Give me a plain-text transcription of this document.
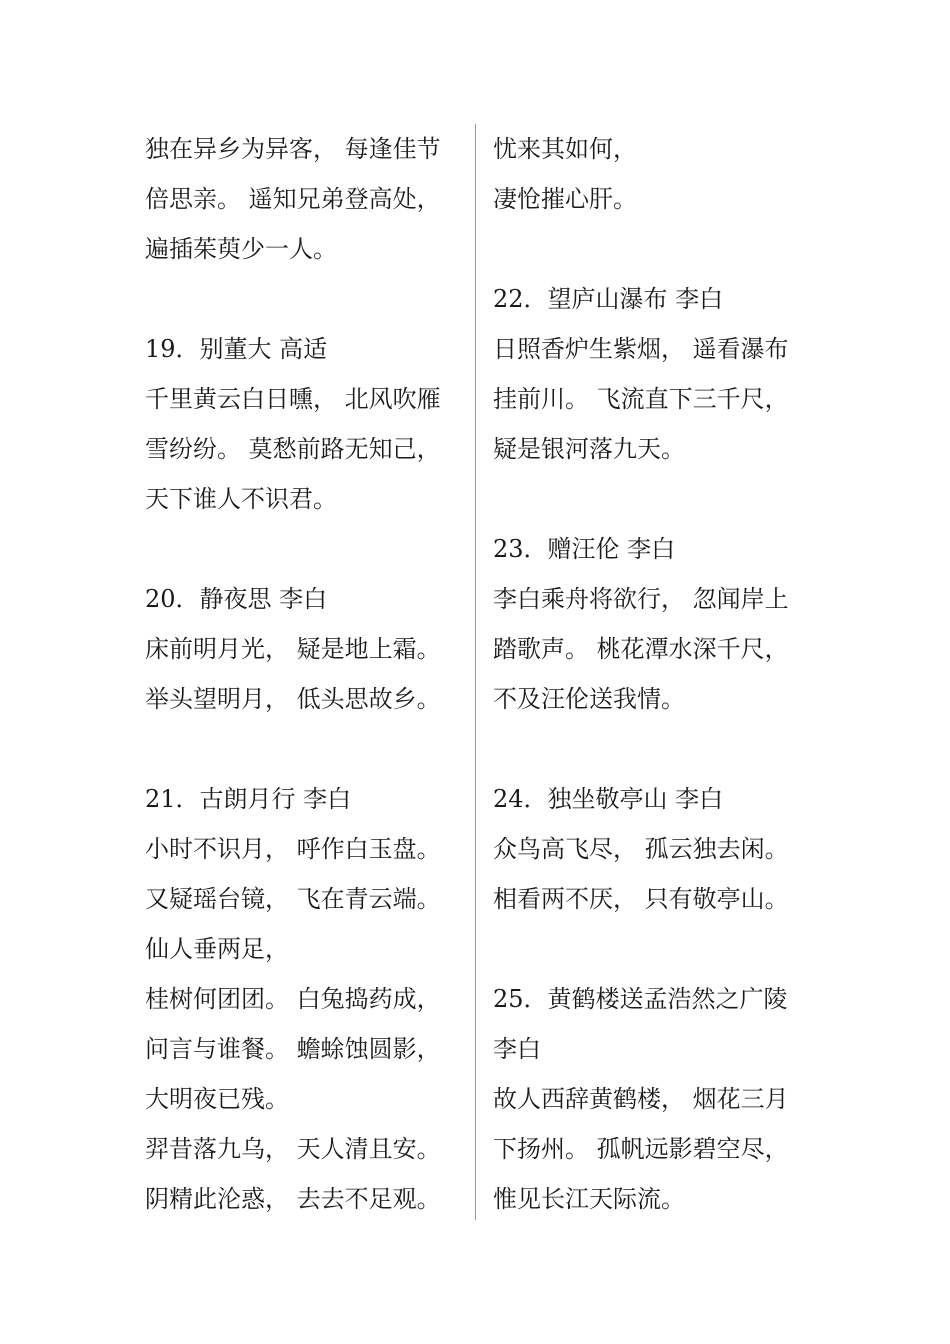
独在异乡为异客， 每逢佳节
倍思亲。 遥知兄弟登高处，
遍插茱萸少一人。
19．别董大 高适
千里黄云白日曛， 北风吹雁
雪纷纷。 莫愁前路无知己，
天下谁人不识君。
20．静夜思 李白
床前明月光， 疑是地上霜。
举头望明月， 低头思故乡。
21．古朗月行 李白
小时不识月， 呼作白玉盘。
又疑瑶台镜， 飞在青云端。
仙人垂两足，
桂树何团团。 白兔捣药成，
问言与谁餐。 蟾蜍蚀圆影，
大明夜已残。
羿昔落九乌， 天人清且安。
阴精此沦惑， 去去不足观。
忧来其如何，
凄怆摧心肝。
22．望庐山瀑布 李白
日照香炉生紫烟， 遥看瀑布
挂前川。 飞流直下三千尺，
疑是银河落九天。
23．赠汪伦 李白
李白乘舟将欲行， 忽闻岸上
踏歌声。 桃花潭水深千尺，
不及汪伦送我情。
24．独坐敬亭山 李白
众鸟高飞尽， 孤云独去闲。
相看两不厌， 只有敬亭山。
25．黄鹤楼送孟浩然之广陵
李白
故人西辞黄鹤楼， 烟花三月
下扬州。 孤帆远影碧空尽，
惟见长江天际流。
